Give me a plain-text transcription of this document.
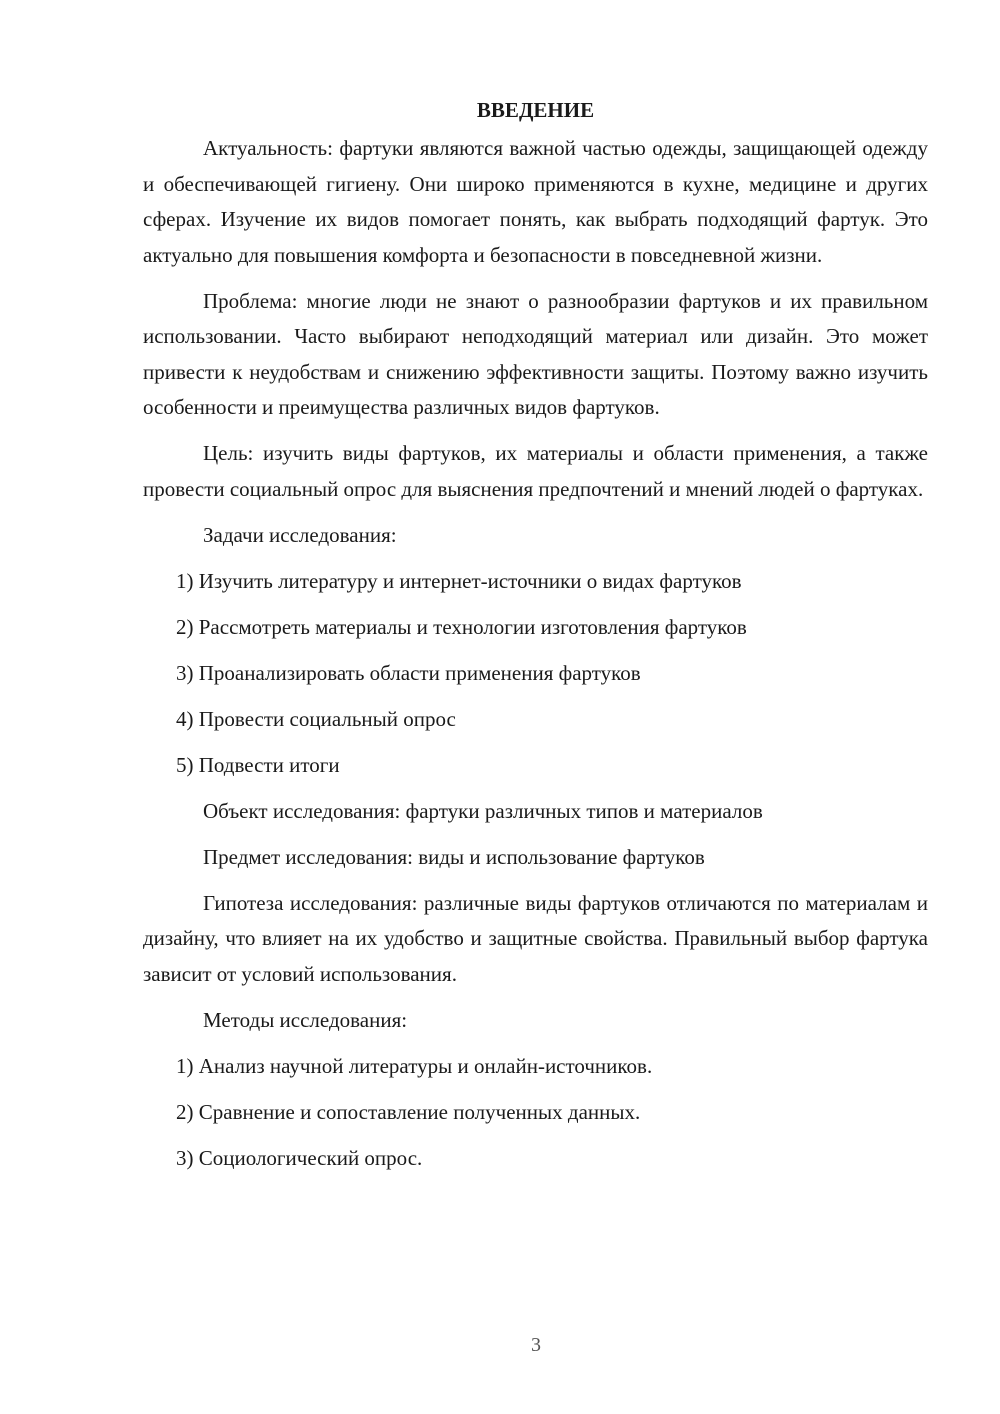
ВВЕДЕНИЕ

Актуальность: фартуки являются важной частью одежды, защищающей одежду и обеспечивающей гигиену. Они широко применяются в кухне, медицине и других сферах. Изучение их видов помогает понять, как выбрать подходящий фартук. Это актуально для повышения комфорта и безопасности в повседневной жизни.

Проблема: многие люди не знают о разнообразии фартуков и их правильном использовании. Часто выбирают неподходящий материал или дизайн. Это может привести к неудобствам и снижению эффективности защиты. Поэтому важно изучить особенности и преимущества различных видов фартуков.

Цель: изучить виды фартуков, их материалы и области применения, а также провести социальный опрос для выяснения предпочтений и мнений людей о фартуках.

Задачи исследования:

1) Изучить литературу и интернет-источники о видах фартуков
2) Рассмотреть материалы и технологии изготовления фартуков
3) Проанализировать области применения фартуков
4) Провести социальный опрос
5) Подвести итоги

Объект исследования: фартуки различных типов и материалов

Предмет исследования: виды и использование фартуков

Гипотеза исследования: различные виды фартуков отличаются по материалам и дизайну, что влияет на их удобство и защитные свойства. Правильный выбор фартука зависит от условий использования.

Методы исследования:

1) Анализ научной литературы и онлайн-источников.
2) Сравнение и сопоставление полученных данных.
3) Социологический опрос.
3
